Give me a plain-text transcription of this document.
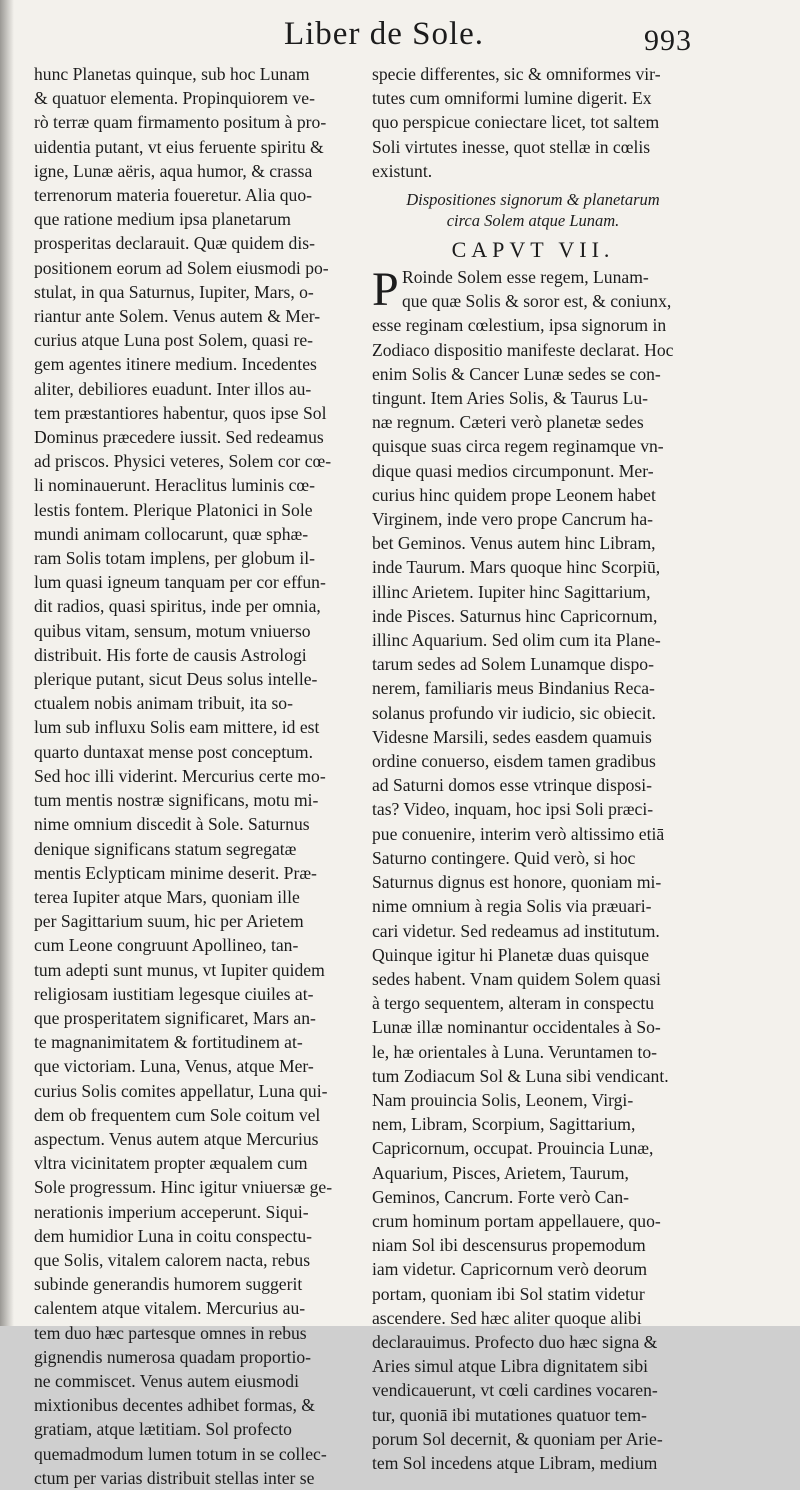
Liber de Sole.	993
hunc Planetas quinque, sub hoc Lunam
& quatuor elementa. Propinquiorem ve-
rò terræ quam firmamento positum à pro-
uidentia putant, vt eius feruente spiritu &
igne, Lunæ aëris, aqua humor, & crassa
terrenorum materia foueretur. Alia quo-
que ratione medium ipsa planetarum
prosperitas declarauit. Quæ quidem dis-
positionem eorum ad Solem eiusmodi po-
stulat, in qua Saturnus, Iupiter, Mars, o-
riantur ante Solem. Venus autem & Mer-
curius atque Luna post Solem, quasi re-
gem agentes itinere medium. Incedentes
aliter, debiliores euadunt. Inter illos au-
tem præstantiores habentur, quos ipse Sol
Dominus præcedere iussit. Sed redeamus
ad priscos. Physici veteres, Solem cor cœ-
li nominauerunt. Heraclitus luminis cœ-
lestis fontem. Plerique Platonici in Sole
mundi animam collocarunt, quæ sphæ-
ram Solis totam implens, per globum il-
lum quasi igneum tanquam per cor effun-
dit radios, quasi spiritus, inde per omnia,
quibus vitam, sensum, motum vniuerso
distribuit. His forte de causis Astrologi
plerique putant, sicut Deus solus intelle-
ctualem nobis animam tribuit, ita so-
lum sub influxu Solis eam mittere, id est
quarto duntaxat mense post conceptum.
Sed hoc illi viderint. Mercurius certe mo-
tum mentis nostræ significans, motu mi-
nime omnium discedit à Sole. Saturnus
denique significans statum segregatæ
mentis Eclypticam minime deserit. Præ-
terea Iupiter atque Mars, quoniam ille
per Sagittarium suum, hic per Arietem
cum Leone congruunt Apollineo, tan-
tum adepti sunt munus, vt Iupiter quidem
religiosam iustitiam legesque ciuiles at-
que prosperitatem significaret, Mars an-
te magnanimitatem & fortitudinem at-
que victoriam. Luna, Venus, atque Mer-
curius Solis comites appellatur, Luna qui-
dem ob frequentem cum Sole coitum vel
aspectum. Venus autem atque Mercurius
vltra vicinitatem propter æqualem cum
Sole progressum. Hinc igitur vniuersæ ge-
nerationis imperium acceperunt. Siqui-
dem humidior Luna in coitu conspectu-
que Solis, vitalem calorem nacta, rebus
subinde generandis humorem suggerit
calentem atque vitalem. Mercurius au-
tem duo hæc partesque omnes in rebus
gignendis numerosa quadam proportio-
ne commiscet. Venus autem eiusmodi
mixtionibus decentes adhibet formas, &
gratiam, atque lætitiam. Sol profecto
quemadmodum lumen totum in se collec-
ctum per varias distribuit stellas inter se
specie differentes, sic & omniformes vir-
tutes cum omniformi lumine digerit. Ex
quo perspicue coniectare licet, tot saltem
Soli virtutes inesse, quot stellæ in cœlis
existunt.
Dispositiones signorum & planetarum
circa Solem atque Lunam.
CAPVT VII.
P Roinde Solem esse regem, Lunam-
que quæ Solis & soror est, & coniunx,
esse reginam cœlestium, ipsa signorum in
Zodiaco dispositio manifeste declarat. Hoc
enim Solis & Cancer Lunæ sedes se con-
tingunt. Item Aries Solis, & Taurus Lu-
næ regnum. Cæteri verò planetæ sedes
quisque suas circa regem reginamque vn-
dique quasi medios circumponunt. Mer-
curius hinc quidem prope Leonem habet
Virginem, inde vero prope Cancrum ha-
bet Geminos. Venus autem hinc Libram,
inde Taurum. Mars quoque hinc Scorpiū,
illinc Arietem. Iupiter hinc Sagittarium,
inde Pisces. Saturnus hinc Capricornum,
illinc Aquarium. Sed olim cum ita Plane-
tarum sedes ad Solem Lunamque dispo-
nerem, familiaris meus Bindanius Reca-
solanus profundo vir iudicio, sic obiecit.
Videsne Marsili, sedes easdem quamuis
ordine conuerso, eisdem tamen gradibus
ad Saturni domos esse vtrinque disposi-
tas? Video, inquam, hoc ipsi Soli præci-
pue conuenire, interim verò altissimo etiā
Saturno contingere. Quid verò, si hoc
Saturnus dignus est honore, quoniam mi-
nime omnium à regia Solis via præuari-
cari videtur. Sed redeamus ad institutum.
Quinque igitur hi Planetæ duas quisque
sedes habent. Vnam quidem Solem quasi
à tergo sequentem, alteram in conspectu
Lunæ illæ nominantur occidentales à So-
le, hæ orientales à Luna. Veruntamen to-
tum Zodiacum Sol & Luna sibi vendicant.
Nam prouincia Solis, Leonem, Virgi-
nem, Libram, Scorpium, Sagittarium,
Capricornum, occupat. Prouincia Lunæ,
Aquarium, Pisces, Arietem, Taurum,
Geminos, Cancrum. Forte verò Can-
crum hominum portam appellauere, quo-
niam Sol ibi descensurus propemodum
iam videtur. Capricornum verò deorum
portam, quoniam ibi Sol statim videtur
ascendere. Sed hæc aliter quoque alibi
declarauimus. Profecto duo hæc signa &
Aries simul atque Libra dignitatem sibi
vendicauerunt, vt cœli cardines vocaren-
tur, quoniā ibi mutationes quatuor tem-
porum Sol decernit, & quoniam per Arie-
tem Sol incedens atque Libram, medium
